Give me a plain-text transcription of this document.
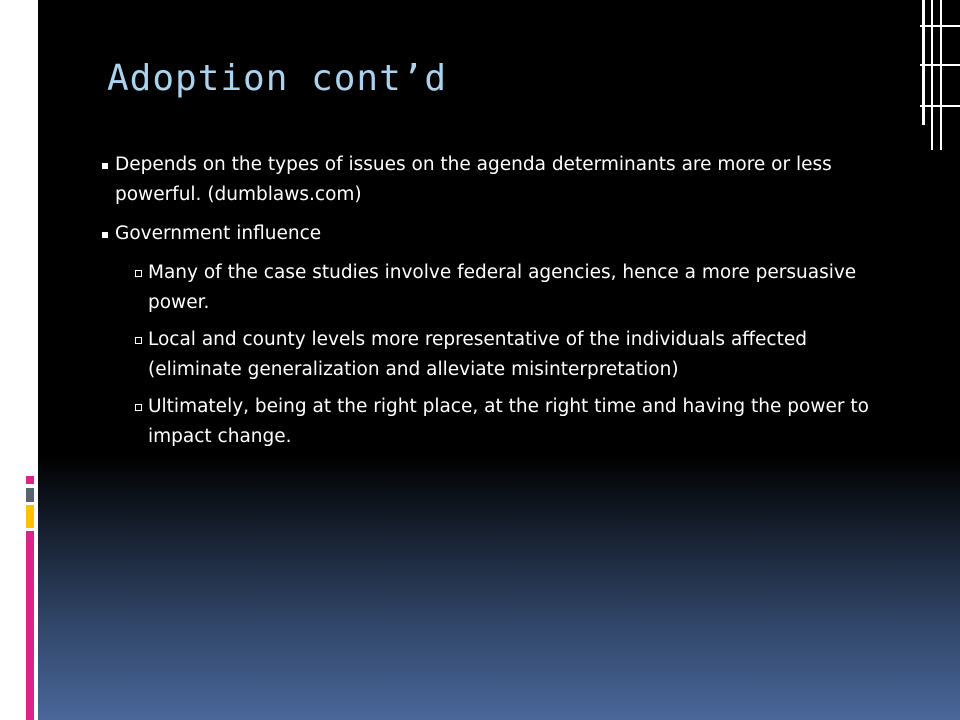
Adoption cont’d
Depends on the types of issues on the agenda determinants are more or less powerful. (dumblaws.com)
Government influence
Many of the case studies involve federal agencies, hence a more persuasive power.
Local and county levels more representative of the individuals affected (eliminate generalization and alleviate misinterpretation)
Ultimately, being at the right place, at the right time and having the power to impact change.
